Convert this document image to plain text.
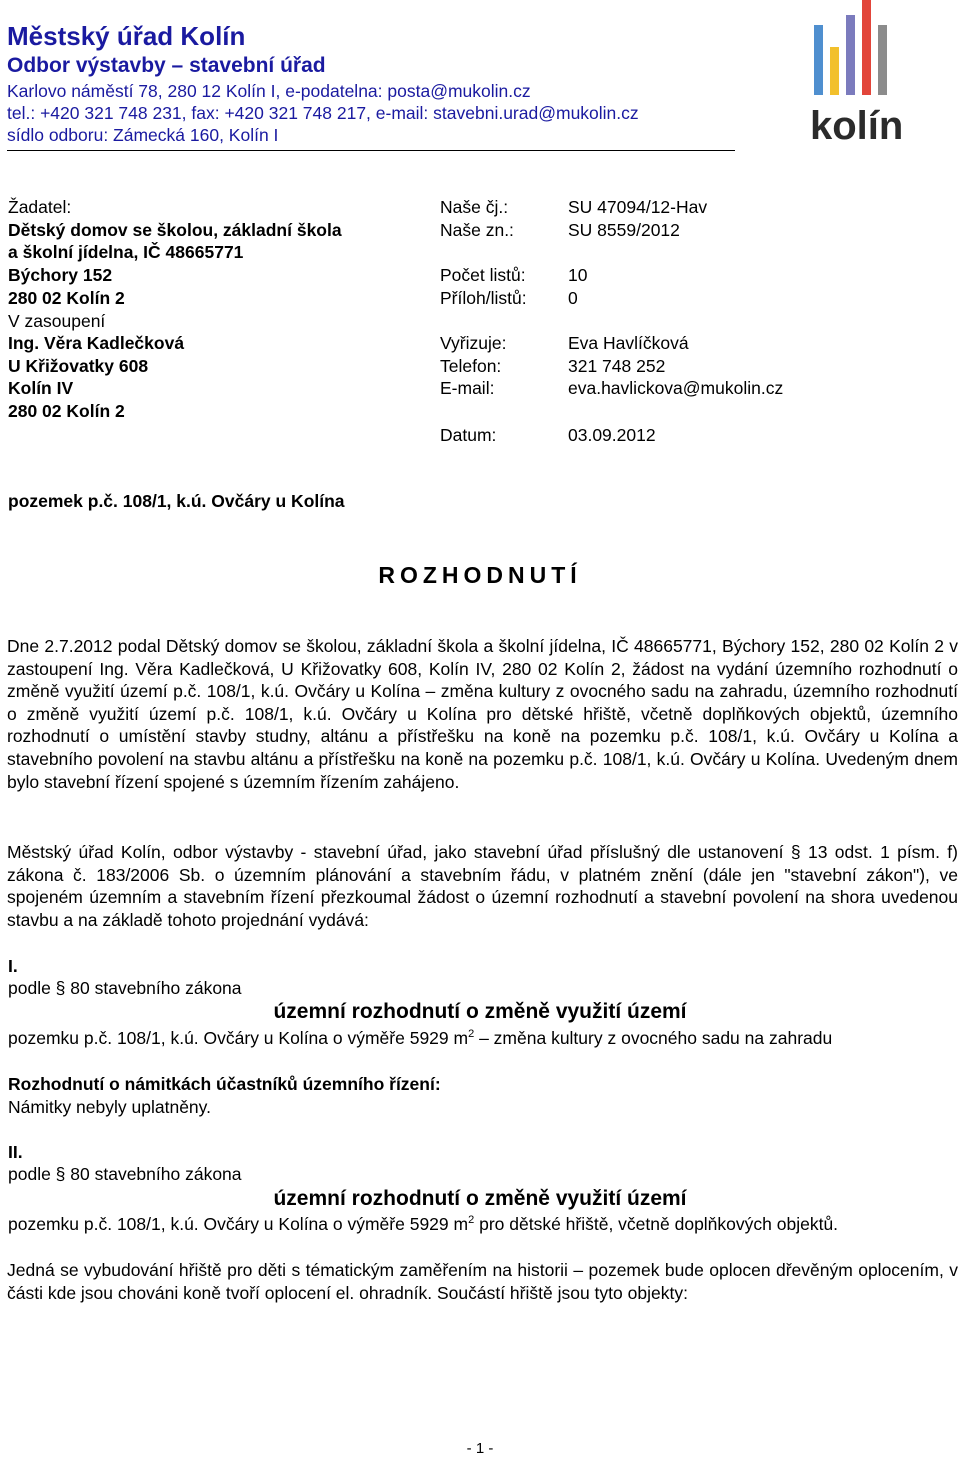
Městský úřad Kolín
Odbor výstavby – stavební úřad
Karlovo náměstí 78, 280 12 Kolín I, e-podatelna: posta@mukolin.cz
tel.: +420 321 748 231, fax: +420 321 748 217, e-mail: stavebni.urad@mukolin.cz
sídlo odboru: Zámecká 160, Kolín I	kolín
Žadatel:
Dětský domov se školou, základní škola
a školní jídelna, IČ 48665771
Býchory 152
280 02 Kolín 2
V zasoupení
Ing. Věra Kadlečková
U Křižovatky 608
Kolín IV
280 02 Kolín 2
Naše čj.:	SU 47094/12-Hav
Naše zn.:	SU 8559/2012
Počet listů: 10
Příloh/listů: 0
Vyřizuje:	Eva Havlíčková
Telefon:	321 748 252
E-mail:	eva.havlickova@mukolin.cz
Datum:	03.09.2012
pozemek p.č. 108/1, k.ú. Ovčáry u Kolína
ROZHODNUTÍ
Dne 2.7.2012 podal Dětský domov se školou, základní škola a školní jídelna, IČ 48665771, Býchory 152, 280 02 Kolín 2 v zastoupení Ing. Věra Kadlečková, U Křižovatky 608, Kolín IV, 280 02 Kolín 2, žádost na vydání územního rozhodnutí o změně využití území p.č. 108/1, k.ú. Ovčáry u Kolína – změna kultury z ovocného sadu na zahradu, územního rozhodnutí o změně využití území p.č. 108/1, k.ú. Ovčáry u Kolína pro dětské hřiště, včetně doplňkových objektů, územního rozhodnutí o umístění stavby studny, altánu a přístřešku na koně na pozemku p.č. 108/1, k.ú. Ovčáry u Kolína a stavebního povolení na stavbu altánu a přístřešku na koně na pozemku p.č. 108/1, k.ú. Ovčáry u Kolína. Uvedeným dnem bylo stavební řízení spojené s územním řízením zahájeno.
Městský úřad Kolín, odbor výstavby - stavební úřad, jako stavební úřad příslušný dle ustanovení § 13 odst. 1 písm. f) zákona č. 183/2006 Sb. o územním plánování a stavebním řádu, v platném znění (dále jen "stavební zákon"), ve spojeném územním a stavebním řízení přezkoumal žádost o územní rozhodnutí a stavební povolení na shora uvedenou stavbu a na základě tohoto projednání vydává:
I.
podle § 80 stavebního zákona
územní rozhodnutí o změně využití území
pozemku p.č. 108/1, k.ú. Ovčáry u Kolína o výměře 5929 $m^2$ – změna kultury z ovocného sadu na zahradu
Rozhodnutí o námitkách účastníků územního řízení:
Námitky nebyly uplatněny.
II.
podle § 80 stavebního zákona
územní rozhodnutí o změně využití území
pozemku p.č. 108/1, k.ú. Ovčáry u Kolína o výměře 5929 $m^2$ pro dětské hřiště, včetně doplňkových objektů.
Jedná se vybudování hřiště pro děti s tématickým zaměřením na historii – pozemek bude oplocen dřevěným oplocením, v části kde jsou chováni koně tvoří oplocení el. ohradník. Součástí hřiště jsou tyto objekty:
- 1 -
